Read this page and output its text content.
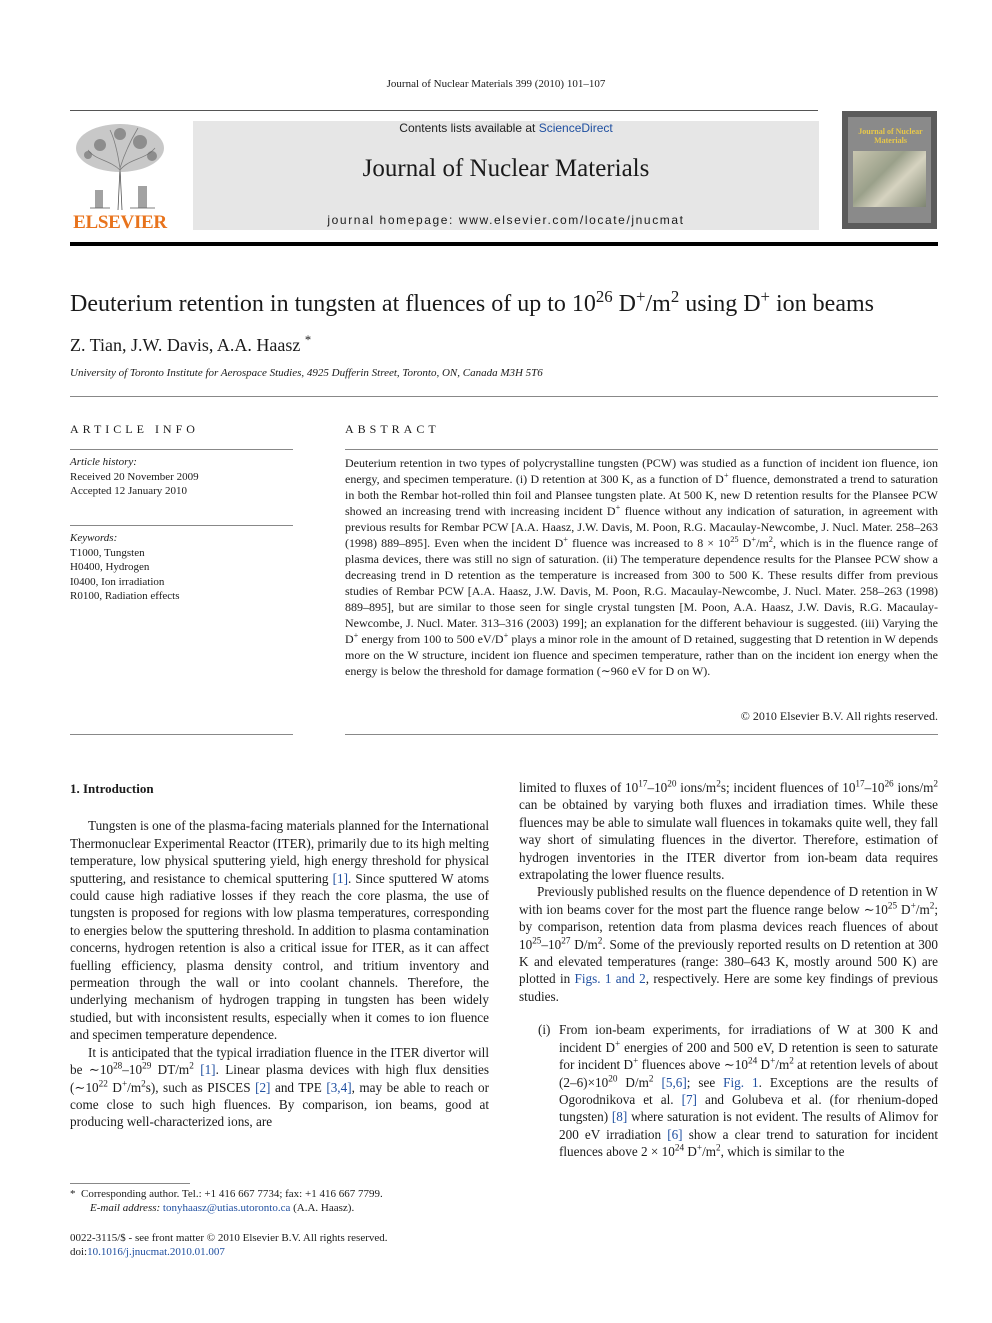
Journal of Nuclear Materials 399 (2010) 101–107
ELSEVIER
Contents lists available at ScienceDirect
Journal of Nuclear Materials
journal homepage: www.elsevier.com/locate/jnucmat
Journal of Nuclear Materials
Deuterium retention in tungsten at fluences of up to $10^{26}$ $D^+/m^2$ using D+ ion beams
Z. Tian, J.W. Davis, A.A. Haasz *
University of Toronto Institute for Aerospace Studies, 4925 Dufferin Street, Toronto, ON, Canada M3H 5T6
ARTICLE INFO	ABSTRACT
Article history:
Received 20 November 2009
Accepted 12 January 2010
Keywords:
T1000, Tungsten
H0400, Hydrogen
I0400, Ion irradiation
R0100, Radiation effects
Deuterium retention in two types of polycrystalline tungsten (PCW) was studied as a function of incident ion fluence, ion energy, and specimen temperature. (i) D retention at 300 K, as a function of D+ fluence, demonstrated a trend to saturation in both the Rembar hot-rolled thin foil and Plansee tungsten plate. At 500 K, new D retention results for the Plansee PCW showed an increasing trend with increasing incident D+ fluence without any indication of saturation, in agreement with previous results for Rembar PCW [A.A. Haasz, J.W. Davis, M. Poon, R.G. Macaulay-Newcombe, J. Nucl. Mater. 258–263 (1998) 889–895]. Even when the incident D+ fluence was increased to $8 \times 10^{25}$ $D^+/m^2$, which is in the fluence range of plasma devices, there was still no sign of saturation. (ii) The temperature dependence results for the Plansee PCW show a decreasing trend in D retention as the temperature is increased from 300 to 500 K. These results differ from previous studies of Rembar PCW [A.A. Haasz, J.W. Davis, M. Poon, R.G. Macaulay-Newcombe, J. Nucl. Mater. 258–263 (1998) 889–895], but are similar to those seen for single crystal tungsten [M. Poon, A.A. Haasz, J.W. Davis, R.G. Macaulay-Newcombe, J. Nucl. Mater. 313–316 (2003) 199]; an explanation for the different behaviour is suggested. (iii) Varying the D+ energy from 100 to 500 eV/D+ plays a minor role in the amount of D retained, suggesting that D retention in W depends more on the W structure, incident ion fluence and specimen temperature, rather than on the incident ion energy when the energy is below the threshold for damage formation (∼960 eV for D on W).
© 2010 Elsevier B.V. All rights reserved.

1. Introduction

Tungsten is one of the plasma-facing materials planned for the International Thermonuclear Experimental Reactor (ITER), primarily due to its high melting temperature, low physical sputtering yield, high energy threshold for physical sputtering, and resistance to chemical sputtering [1]. Since sputtered W atoms could cause high radiative losses if they reach the core plasma, the use of tungsten is proposed for regions with low plasma temperatures, corresponding to energies below the sputtering threshold. In addition to plasma contamination concerns, hydrogen retention is also a critical issue for ITER, as it can affect fuelling efficiency, plasma density control, and tritium inventory and permeation through the wall or into coolant channels. Therefore, the underlying mechanism of hydrogen trapping in tungsten has been widely studied, but with inconsistent results, especially when it comes to ion fluence and specimen temperature dependence.

It is anticipated that the typical irradiation fluence in the ITER divertor will be $\sim 10^{28}-10^{29}$ $DT/m^2$ [1]. Linear plasma devices with high flux densities ($\sim 10^{22}$ $D^+/m^2s$), such as PISCES [2] and TPE [3,4], may be able to reach or come close to such high fluences. By comparison, ion beams, good at producing well-characterized ions, are

limited to fluxes of $10^{17}-10^{20}$ ions/$m^2s$; incident fluences of $10^{17}-10^{26}$ ions/$m^2$ can be obtained by varying both fluxes and irradiation times. While these fluences may be able to simulate wall fluences in tokamaks quite well, they fall way short of simulating fluences in the divertor. Therefore, estimation of hydrogen inventories in the ITER divertor from ion-beam data requires extrapolating the lower fluence results.

Previously published results on the fluence dependence of D retention in W with ion beams cover for the most part the fluence range below $\sim 10^{25}$ $D^+/m^2$; by comparison, retention data from plasma devices reach fluences of about $10^{25}-10^{27}$ $D/m^2$. Some of the previously reported results on D retention at 300 K and elevated temperatures (range: 380–643 K, mostly around 500 K) are plotted in Figs. 1 and 2, respectively. Here are some key findings of previous studies.

(i) From ion-beam experiments, for irradiations of W at 300 K and incident D+ energies of 200 and 500 eV, D retention is seen to saturate for incident D+ fluences above $\sim 10^{24}$ $D^+/m^2$ at retention levels of about $(2-6)\times 10^{20}$ $D/m^2$ [5,6]; see Fig. 1. Exceptions are the results of Ogorodnikova et al. [7] and Golubeva et al. (for rhenium-doped tungsten) [8] where saturation is not evident. The results of Alimov for 200 eV irradiation [6] show a clear trend to saturation for incident fluences above $2 \times 10^{24}$ $D^+/m^2$, which is similar to the

* Corresponding author. Tel.: +1 416 667 7734; fax: +1 416 667 7799.
E-mail address: tonyhaasz@utias.utoronto.ca (A.A. Haasz).
0022-3115/$ - see front matter © 2010 Elsevier B.V. All rights reserved.
doi:10.1016/j.jnucmat.2010.01.007
